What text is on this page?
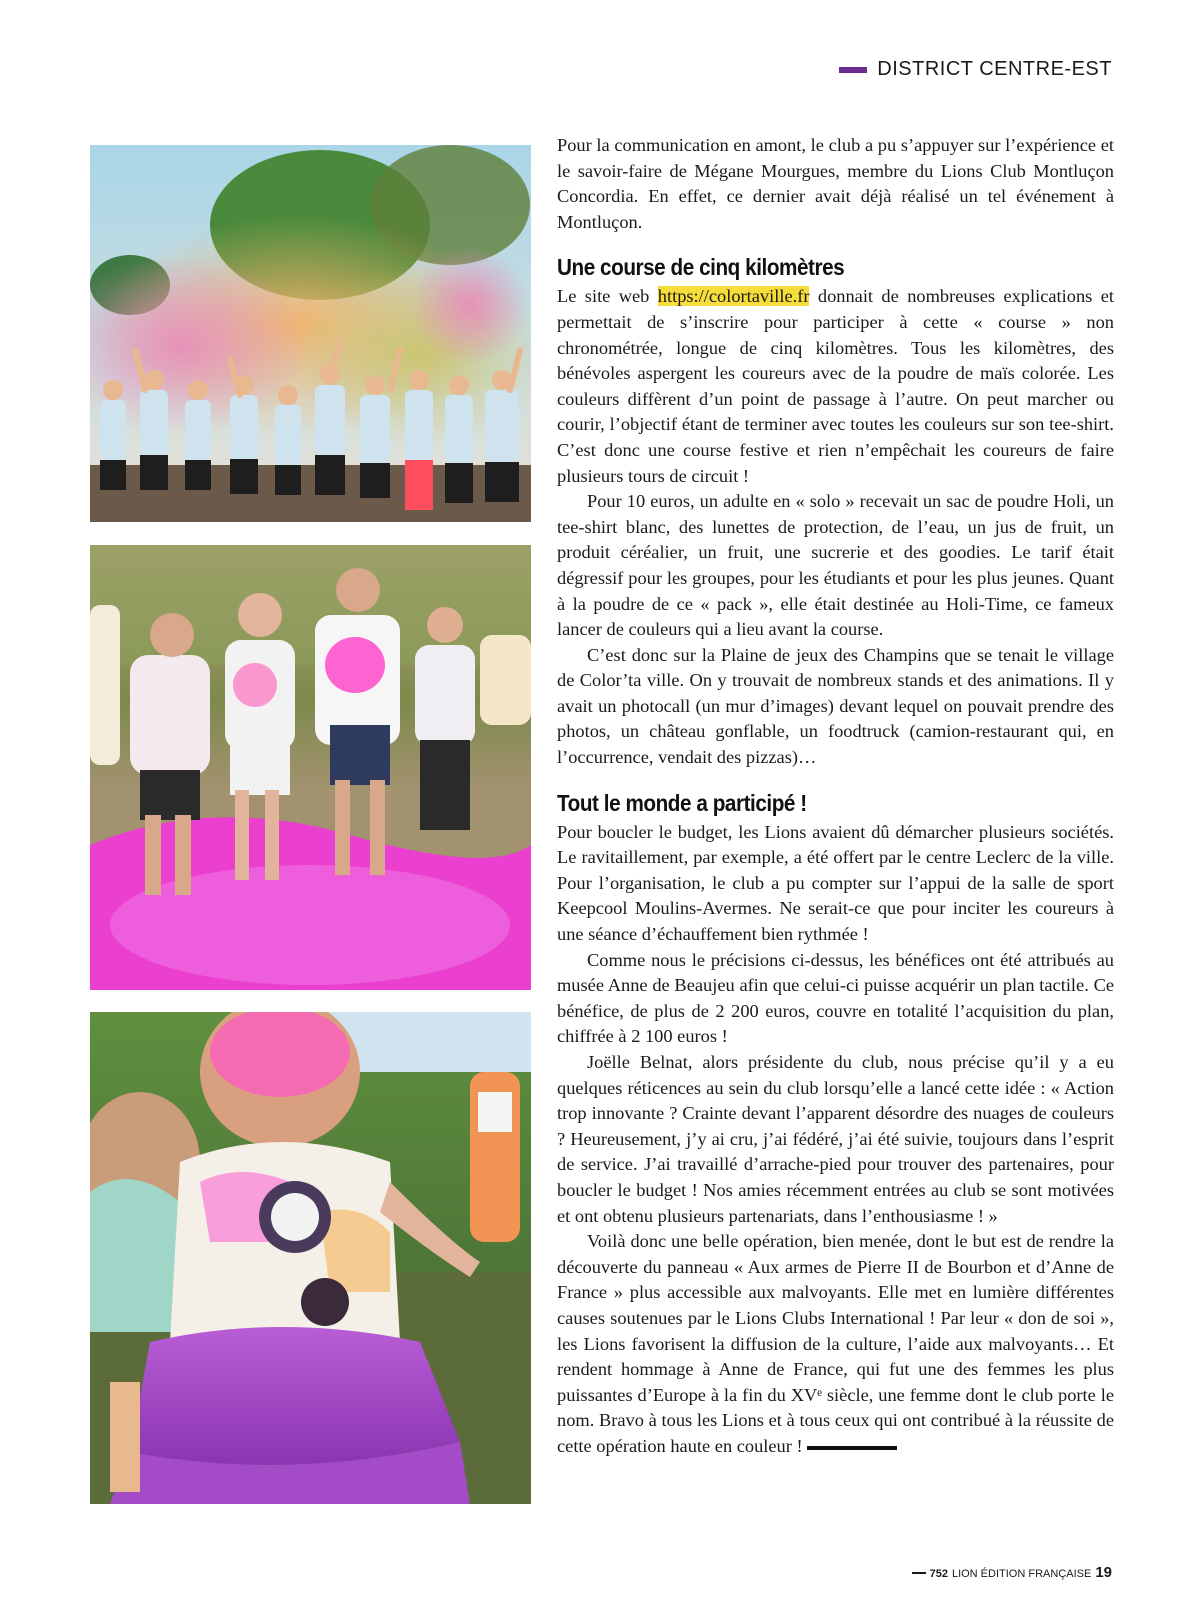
DISTRICT CENTRE-EST

Pour la communication en amont, le club a pu s’appuyer sur l’expérience et le savoir-faire de Mégane Mourgues, membre du Lions Club Montluçon Concordia. En effet, ce dernier avait déjà réalisé un tel événement à Montluçon.

Une course de cinq kilomètres

Le site web https://colortaville.fr donnait de nombreuses explications et permettait de s’inscrire pour participer à cette « course » non chronométrée, longue de cinq kilomètres. Tous les kilomètres, des bénévoles aspergent les coureurs avec de la poudre de maïs colorée. Les couleurs diffèrent d’un point de passage à l’autre. On peut marcher ou courir, l’objectif étant de terminer avec toutes les couleurs sur son tee-shirt. C’est donc une course festive et rien n’empêchait les coureurs de faire plusieurs tours de circuit !

Pour 10 euros, un adulte en « solo » recevait un sac de poudre Holi, un tee-shirt blanc, des lunettes de protection, de l’eau, un jus de fruit, un produit céréalier, un fruit, une sucrerie et des goodies. Le tarif était dégressif pour les groupes, pour les étudiants et pour les plus jeunes. Quant à la poudre de ce « pack », elle était destinée au Holi-Time, ce fameux lancer de couleurs qui a lieu avant la course.

C’est donc sur la Plaine de jeux des Champins que se tenait le village de Color’ta ville. On y trouvait de nombreux stands et des animations. Il y avait un photocall (un mur d’images) devant lequel on pouvait prendre des photos, un château gonflable, un foodtruck (camion-restaurant qui, en l’occurrence, vendait des pizzas)…

Tout le monde a participé !

Pour boucler le budget, les Lions avaient dû démarcher plusieurs sociétés. Le ravitaillement, par exemple, a été offert par le centre Leclerc de la ville. Pour l’organisation, le club a pu compter sur l’appui de la salle de sport Keepcool Moulins-Avermes. Ne serait-ce que pour inciter les coureurs à une séance d’échauffement bien rythmée !

Comme nous le précisions ci-dessus, les bénéfices ont été attribués au musée Anne de Beaujeu afin que celui-ci puisse acquérir un plan tactile. Ce bénéfice, de plus de 2 200 euros, couvre en totalité l’acquisition du plan, chiffrée à 2 100 euros !

Joëlle Belnat, alors présidente du club, nous précise qu’il y a eu quelques réticences au sein du club lorsqu’elle a lancé cette idée : « Action trop innovante ? Crainte devant l’apparent désordre des nuages de couleurs ? Heureusement, j’y ai cru, j’ai fédéré, j’ai été suivie, toujours dans l’esprit de service. J’ai travaillé d’arrache-pied pour trouver des partenaires, pour boucler le budget ! Nos amies récemment entrées au club se sont motivées et ont obtenu plusieurs partenariats, dans l’enthousiasme ! »

Voilà donc une belle opération, bien menée, dont le but est de rendre la découverte du panneau « Aux armes de Pierre II de Bourbon et d’Anne de France » plus accessible aux malvoyants. Elle met en lumière différentes causes soutenues par le Lions Clubs International ! Par leur « don de soi », les Lions favorisent la diffusion de la culture, l’aide aux malvoyants… Et rendent hommage à Anne de France, qui fut une des femmes les plus puissantes d’Europe à la fin du XVᵉ siècle, une femme dont le club porte le nom. Bravo à tous les Lions et à tous ceux qui ont contribué à la réussite de cette opération haute en couleur !

752 LION ÉDITION FRANÇAISE 19
